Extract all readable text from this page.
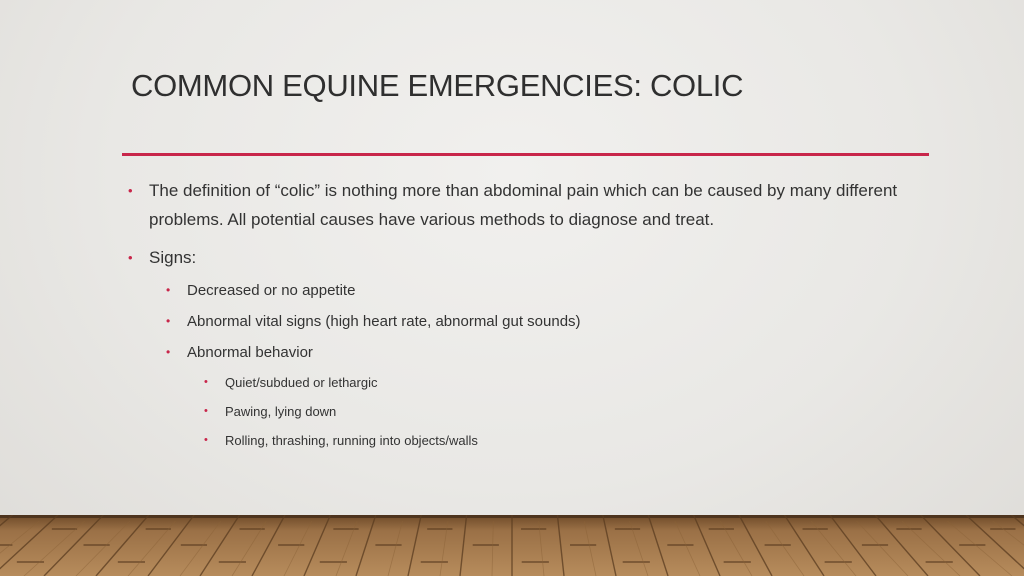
COMMON EQUINE EMERGENCIES: COLIC
• The definition of “colic” is nothing more than abdominal pain which can be caused by many different problems. All potential causes have various methods to diagnose and treat.
• Signs:
• Decreased or no appetite
• Abnormal vital signs (high heart rate, abnormal gut sounds)
• Abnormal behavior
• Quiet/subdued or lethargic
• Pawing, lying down
• Rolling, thrashing, running into objects/walls
